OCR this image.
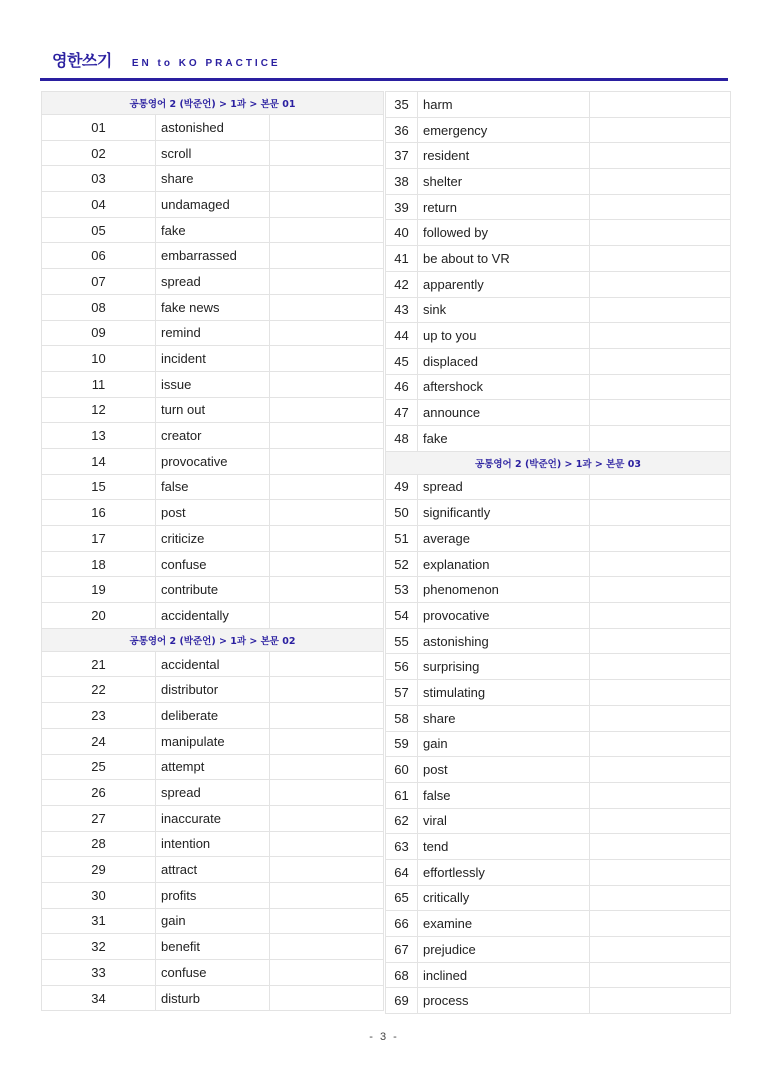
영한쓰기 EN to KO PRACTICE
공통영어 2 (박준언) > 1과 > 본문 01		
01	astonished	
02	scroll	
03	share	
04	undamaged	
05	fake	
06	embarrassed	
07	spread	
08	fake news	
09	remind	
10	incident	
11	issue	
12	turn out	
13	creator	
14	provocative	
15	false	
16	post	
17	criticize	
18	confuse	
19	contribute	
20	accidentally	
공통영어 2 (박준언) > 1과 > 본문 02		
21	accidental	
22	distributor	
23	deliberate	
24	manipulate	
25	attempt	
26	spread	
27	inaccurate	
28	intention	
29	attract	
30	profits	
31	gain	
32	benefit	
33	confuse	
34	disturb	
35	harm	
36	emergency	
37	resident	
38	shelter	
39	return	
40	followed by	
41	be about to VR	
42	apparently	
43	sink	
44	up to you	
45	displaced	
46	aftershock	
47	announce	
48	fake	
공통영어 2 (박준언) > 1과 > 본문 03		
49	spread	
50	significantly	
51	average	
52	explanation	
53	phenomenon	
54	provocative	
55	astonishing	
56	surprising	
57	stimulating	
58	share	
59	gain	
60	post	
61	false	
62	viral	
63	tend	
64	effortlessly	
65	critically	
66	examine	
67	prejudice	
68	inclined	
69	process	
- 3 -
